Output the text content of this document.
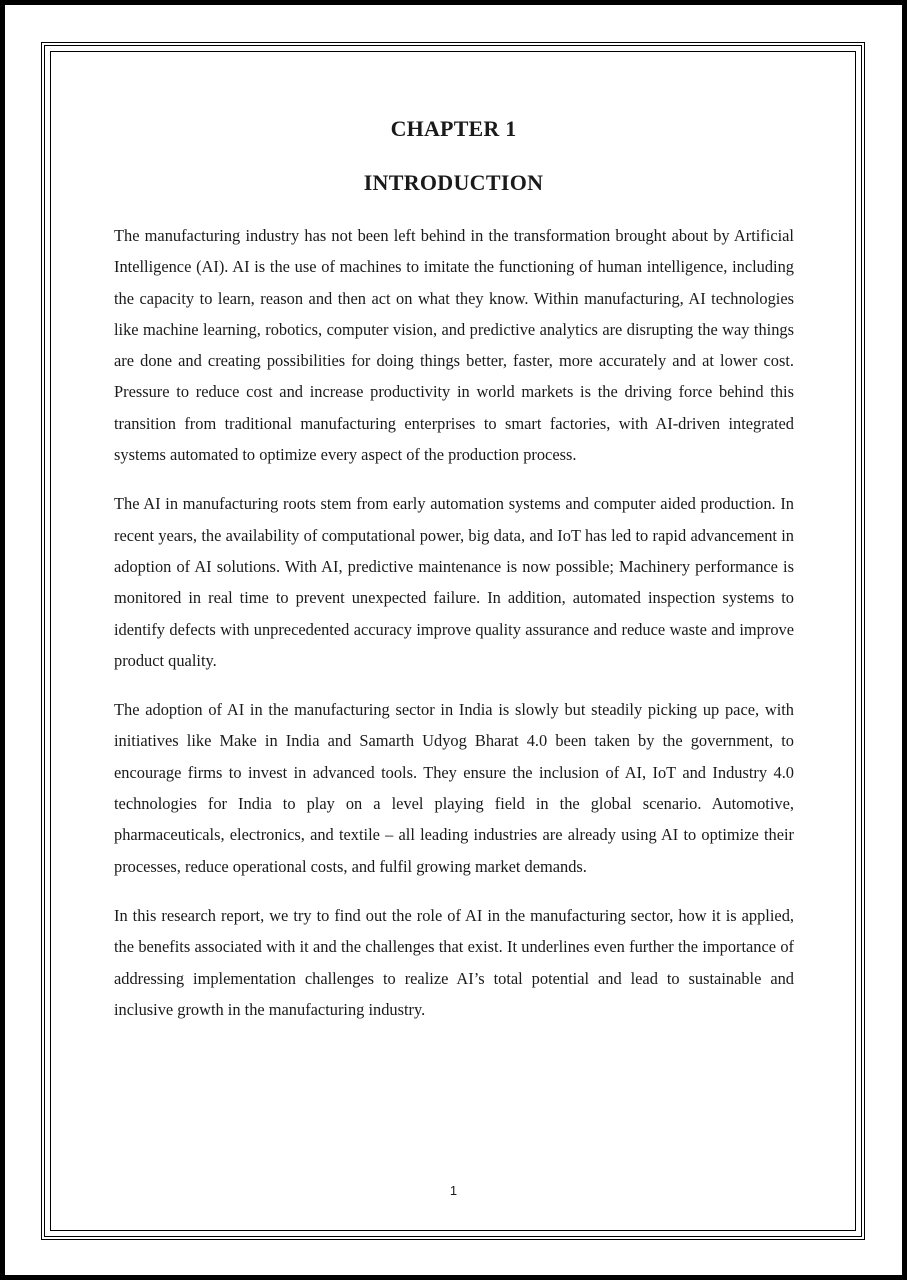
CHAPTER 1
INTRODUCTION

The manufacturing industry has not been left behind in the transformation brought about by Artificial Intelligence (AI). AI is the use of machines to imitate the functioning of human intelligence, including the capacity to learn, reason and then act on what they know. Within manufacturing, AI technologies like machine learning, robotics, computer vision, and predictive analytics are disrupting the way things are done and creating possibilities for doing things better, faster, more accurately and at lower cost. Pressure to reduce cost and increase productivity in world markets is the driving force behind this transition from traditional manufacturing enterprises to smart factories, with AI-driven integrated systems automated to optimize every aspect of the production process.

The AI in manufacturing roots stem from early automation systems and computer aided production. In recent years, the availability of computational power, big data, and IoT has led to rapid advancement in adoption of AI solutions. With AI, predictive maintenance is now possible; Machinery performance is monitored in real time to prevent unexpected failure. In addition, automated inspection systems to identify defects with unprecedented accuracy improve quality assurance and reduce waste and improve product quality.

The adoption of AI in the manufacturing sector in India is slowly but steadily picking up pace, with initiatives like Make in India and Samarth Udyog Bharat 4.0 been taken by the government, to encourage firms to invest in advanced tools. They ensure the inclusion of AI, IoT and Industry 4.0 technologies for India to play on a level playing field in the global scenario. Automotive, pharmaceuticals, electronics, and textile – all leading industries are already using AI to optimize their processes, reduce operational costs, and fulfil growing market demands.

In this research report, we try to find out the role of AI in the manufacturing sector, how it is applied, the benefits associated with it and the challenges that exist. It underlines even further the importance of addressing implementation challenges to realize AI’s total potential and lead to sustainable and inclusive growth in the manufacturing industry.

1
